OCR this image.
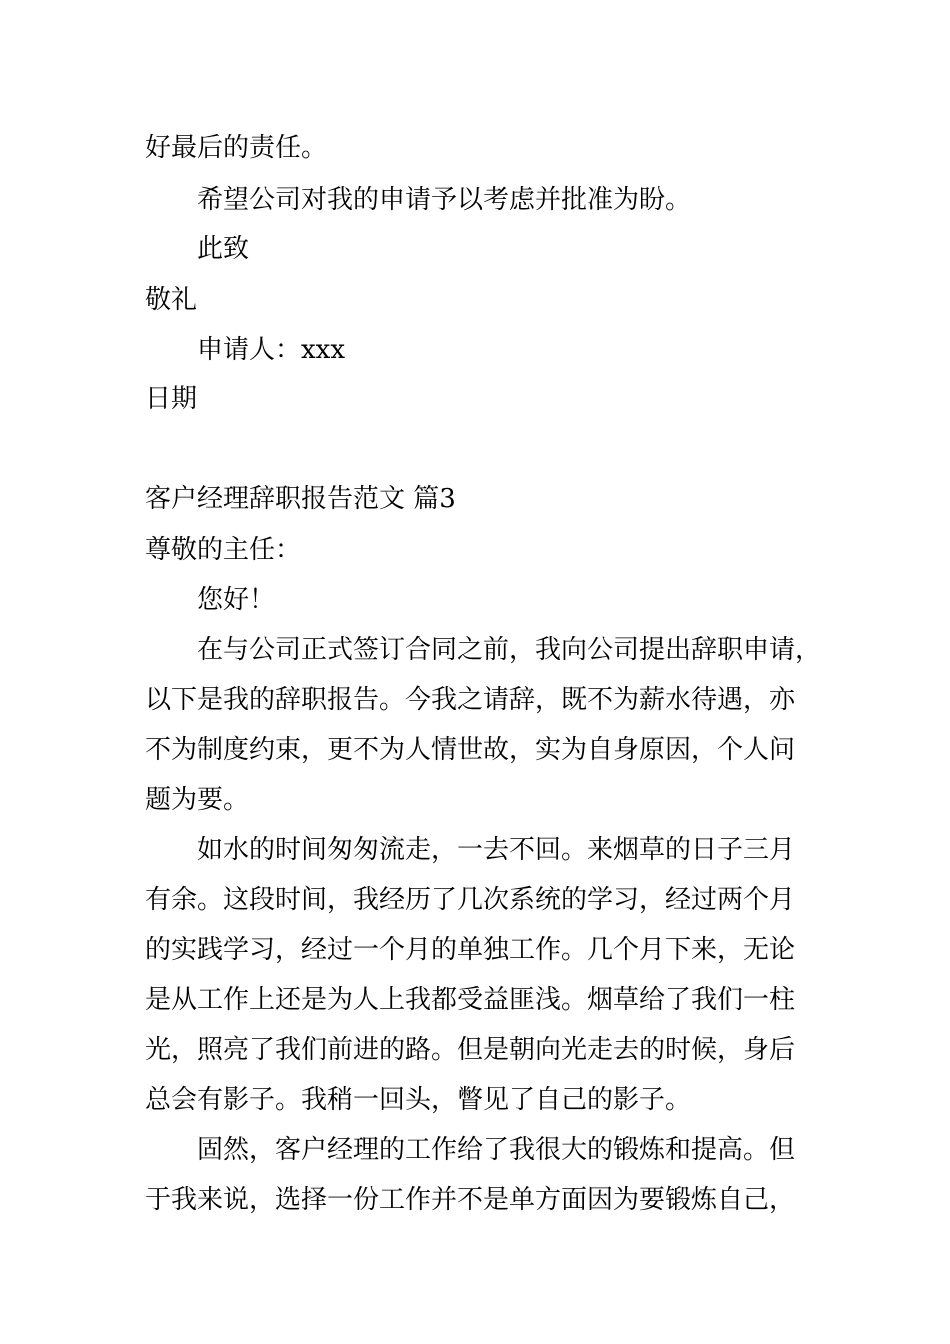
好最后的责任。
希望公司对我的申请予以考虑并批准为盼。
此致
敬礼
申请人：xxx
日期
客户经理辞职报告范文 篇3
尊敬的主任：
您好！
在与公司正式签订合同之前，我向公司提出辞职申请，
以下是我的辞职报告。今我之请辞，既不为薪水待遇，亦
不为制度约束，更不为人情世故，实为自身原因，个人问
题为要。
如水的时间匆匆流走，一去不回。来烟草的日子三月
有余。这段时间，我经历了几次系统的学习，经过两个月
的实践学习，经过一个月的单独工作。几个月下来，无论
是从工作上还是为人上我都受益匪浅。烟草给了我们一柱
光，照亮了我们前进的路。但是朝向光走去的时候，身后
总会有影子。我稍一回头，瞥见了自己的影子。
固然，客户经理的工作给了我很大的锻炼和提高。但
于我来说，选择一份工作并不是单方面因为要锻炼自己，
